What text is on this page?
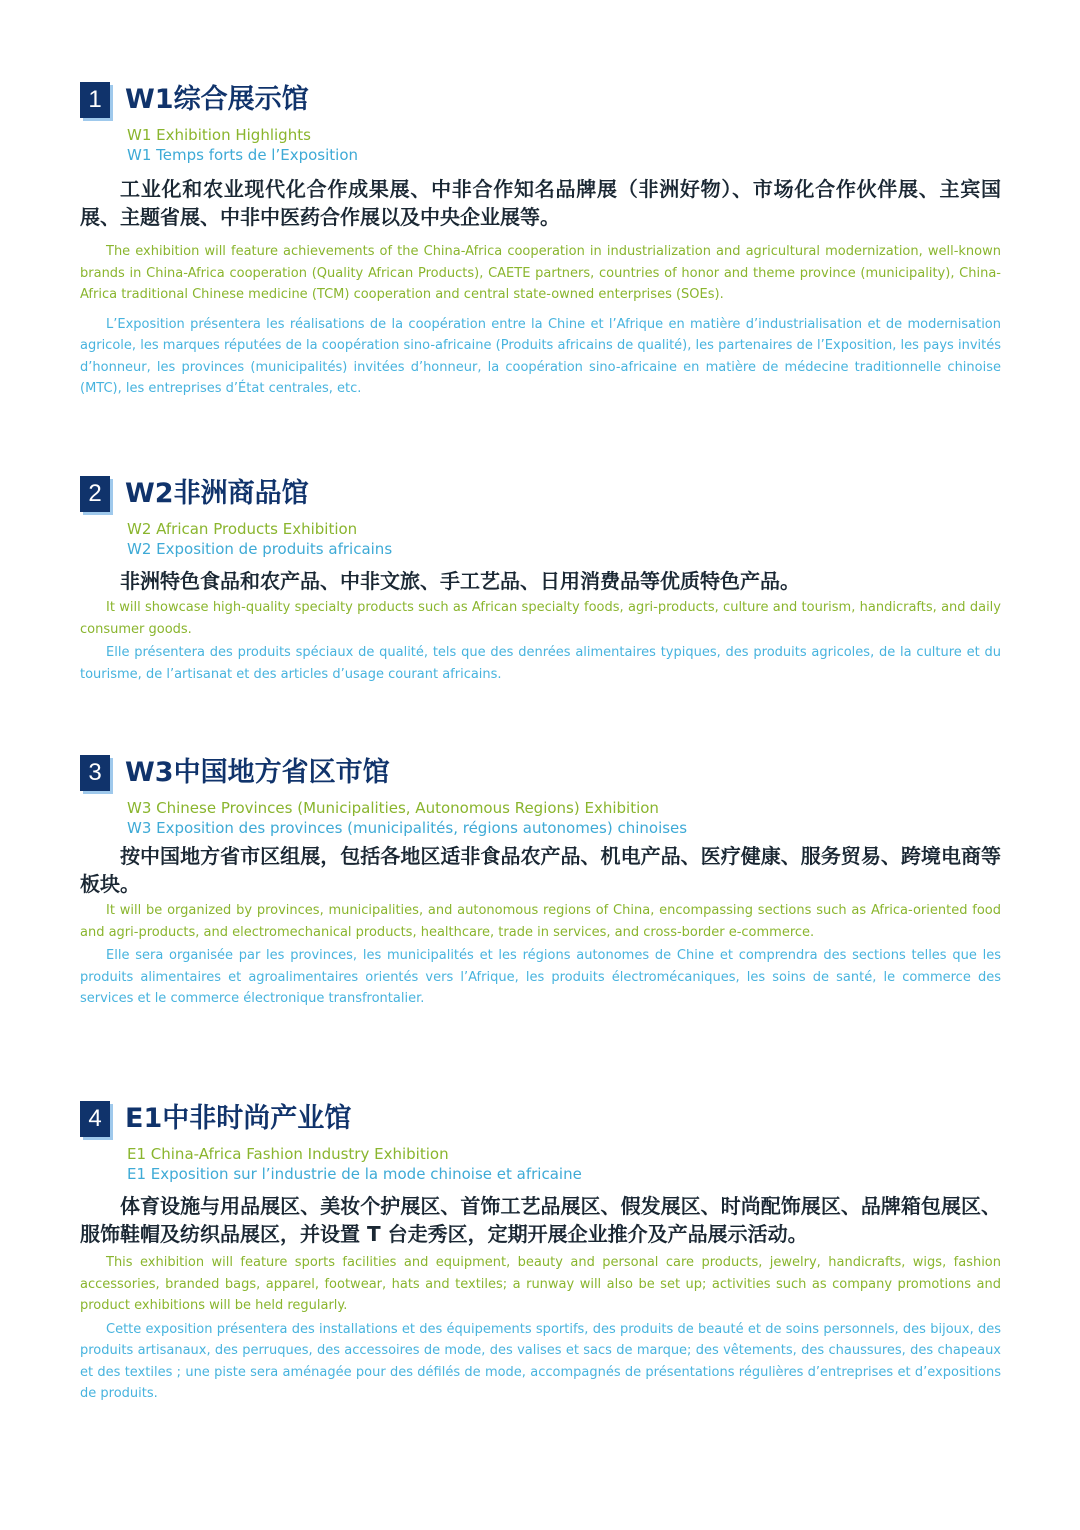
1 W1综合展示馆
W1 Exhibition Highlights
W1 Temps forts de l’Exposition

工业化和农业现代化合作成果展、中非合作知名品牌展（非洲好物）、市场化合作伙伴展、主宾国展、主题省展、中非中医药合作展以及中央企业展等。

The exhibition will feature achievements of the China-Africa cooperation in industrialization and agricultural modernization, well-known brands in China-Africa cooperation (Quality African Products), CAETE partners, countries of honor and theme province (municipality), China-Africa traditional Chinese medicine (TCM) cooperation and central state-owned enterprises (SOEs).

L’Exposition présentera les réalisations de la coopération entre la Chine et l’Afrique en matière d’industrialisation et de modernisation agricole, les marques réputées de la coopération sino-africaine (Produits africains de qualité), les partenaires de l’Exposition, les pays invités d’honneur, les provinces (municipalités) invitées d’honneur, la coopération sino-africaine en matière de médecine traditionnelle chinoise (MTC), les entreprises d’État centrales, etc.

2 W2非洲商品馆
W2 African Products Exhibition
W2 Exposition de produits africains

非洲特色食品和农产品、中非文旅、手工艺品、日用消费品等优质特色产品。

It will showcase high-quality specialty products such as African specialty foods, agri-products, culture and tourism, handicrafts, and daily consumer goods.

Elle présentera des produits spéciaux de qualité, tels que des denrées alimentaires typiques, des produits agricoles, de la culture et du tourisme, de l’artisanat et des articles d’usage courant africains.

3 W3中国地方省区市馆
W3 Chinese Provinces (Municipalities, Autonomous Regions) Exhibition
W3 Exposition des provinces (municipalités, régions autonomes) chinoises

按中国地方省市区组展，包括各地区适非食品农产品、机电产品、医疗健康、服务贸易、跨境电商等板块。

It will be organized by provinces, municipalities, and autonomous regions of China, encompassing sections such as Africa-oriented food and agri-products, and electromechanical products, healthcare, trade in services, and cross-border e-commerce.

Elle sera organisée par les provinces, les municipalités et les régions autonomes de Chine et comprendra des sections telles que les produits alimentaires et agroalimentaires orientés vers l’Afrique, les produits électromécaniques, les soins de santé, le commerce des services et le commerce électronique transfrontalier.

4 E1中非时尚产业馆
E1 China-Africa Fashion Industry Exhibition
E1 Exposition sur l’industrie de la mode chinoise et africaine

体育设施与用品展区、美妆个护展区、首饰工艺品展区、假发展区、时尚配饰展区、品牌箱包展区、服饰鞋帽及纺织品展区，并设置 T 台走秀区，定期开展企业推介及产品展示活动。

This exhibition will feature sports facilities and equipment, beauty and personal care products, jewelry, handicrafts, wigs, fashion accessories, branded bags, apparel, footwear, hats and textiles; a runway will also be set up; activities such as company promotions and product exhibitions will be held regularly.

Cette exposition présentera des installations et des équipements sportifs, des produits de beauté et de soins personnels, des bijoux, des produits artisanaux, des perruques, des accessoires de mode, des valises et sacs de marque; des vêtements, des chaussures, des chapeaux et des textiles ; une piste sera aménagée pour des défilés de mode, accompagnés de présentations régulières d’entreprises et d’expositions de produits.
